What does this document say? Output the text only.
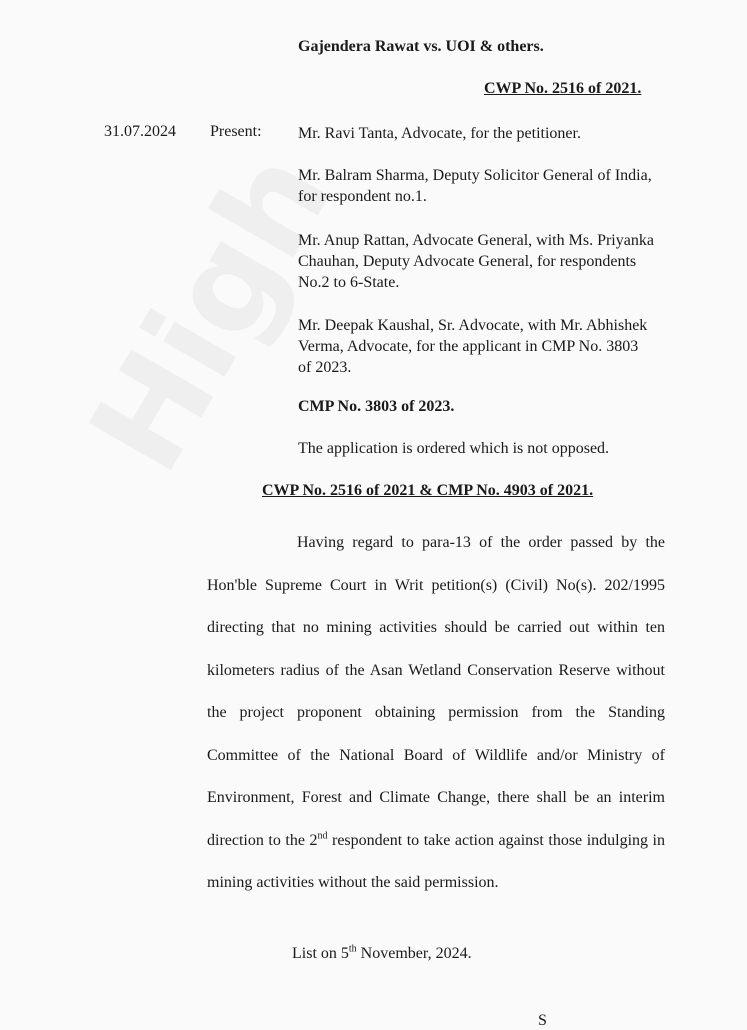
Gajendera Rawat vs. UOI & others.
CWP No. 2516 of 2021.
31.07.2024 Present: Mr. Ravi Tanta, Advocate, for the petitioner.
Mr. Balram Sharma, Deputy Solicitor General of India, for respondent no.1.
Mr. Anup Rattan, Advocate General, with Ms. Priyanka Chauhan, Deputy Advocate General, for respondents No.2 to 6-State.
Mr. Deepak Kaushal, Sr. Advocate, with Mr. Abhishek Verma, Advocate, for the applicant in CMP No. 3803 of 2023.
CMP No. 3803 of 2023.
The application is ordered which is not opposed.
CWP No. 2516 of 2021 & CMP No. 4903 of 2021.
Having regard to para-13 of the order passed by the Hon'ble Supreme Court in Writ petition(s) (Civil) No(s). 202/1995 directing that no mining activities should be carried out within ten kilometers radius of the Asan Wetland Conservation Reserve without the project proponent obtaining permission from the Standing Committee of the National Board of Wildlife and/or Ministry of Environment, Forest and Climate Change, there shall be an interim direction to the 2nd respondent to take action against those indulging in mining activities without the said permission.
List on 5th November, 2024.
S
